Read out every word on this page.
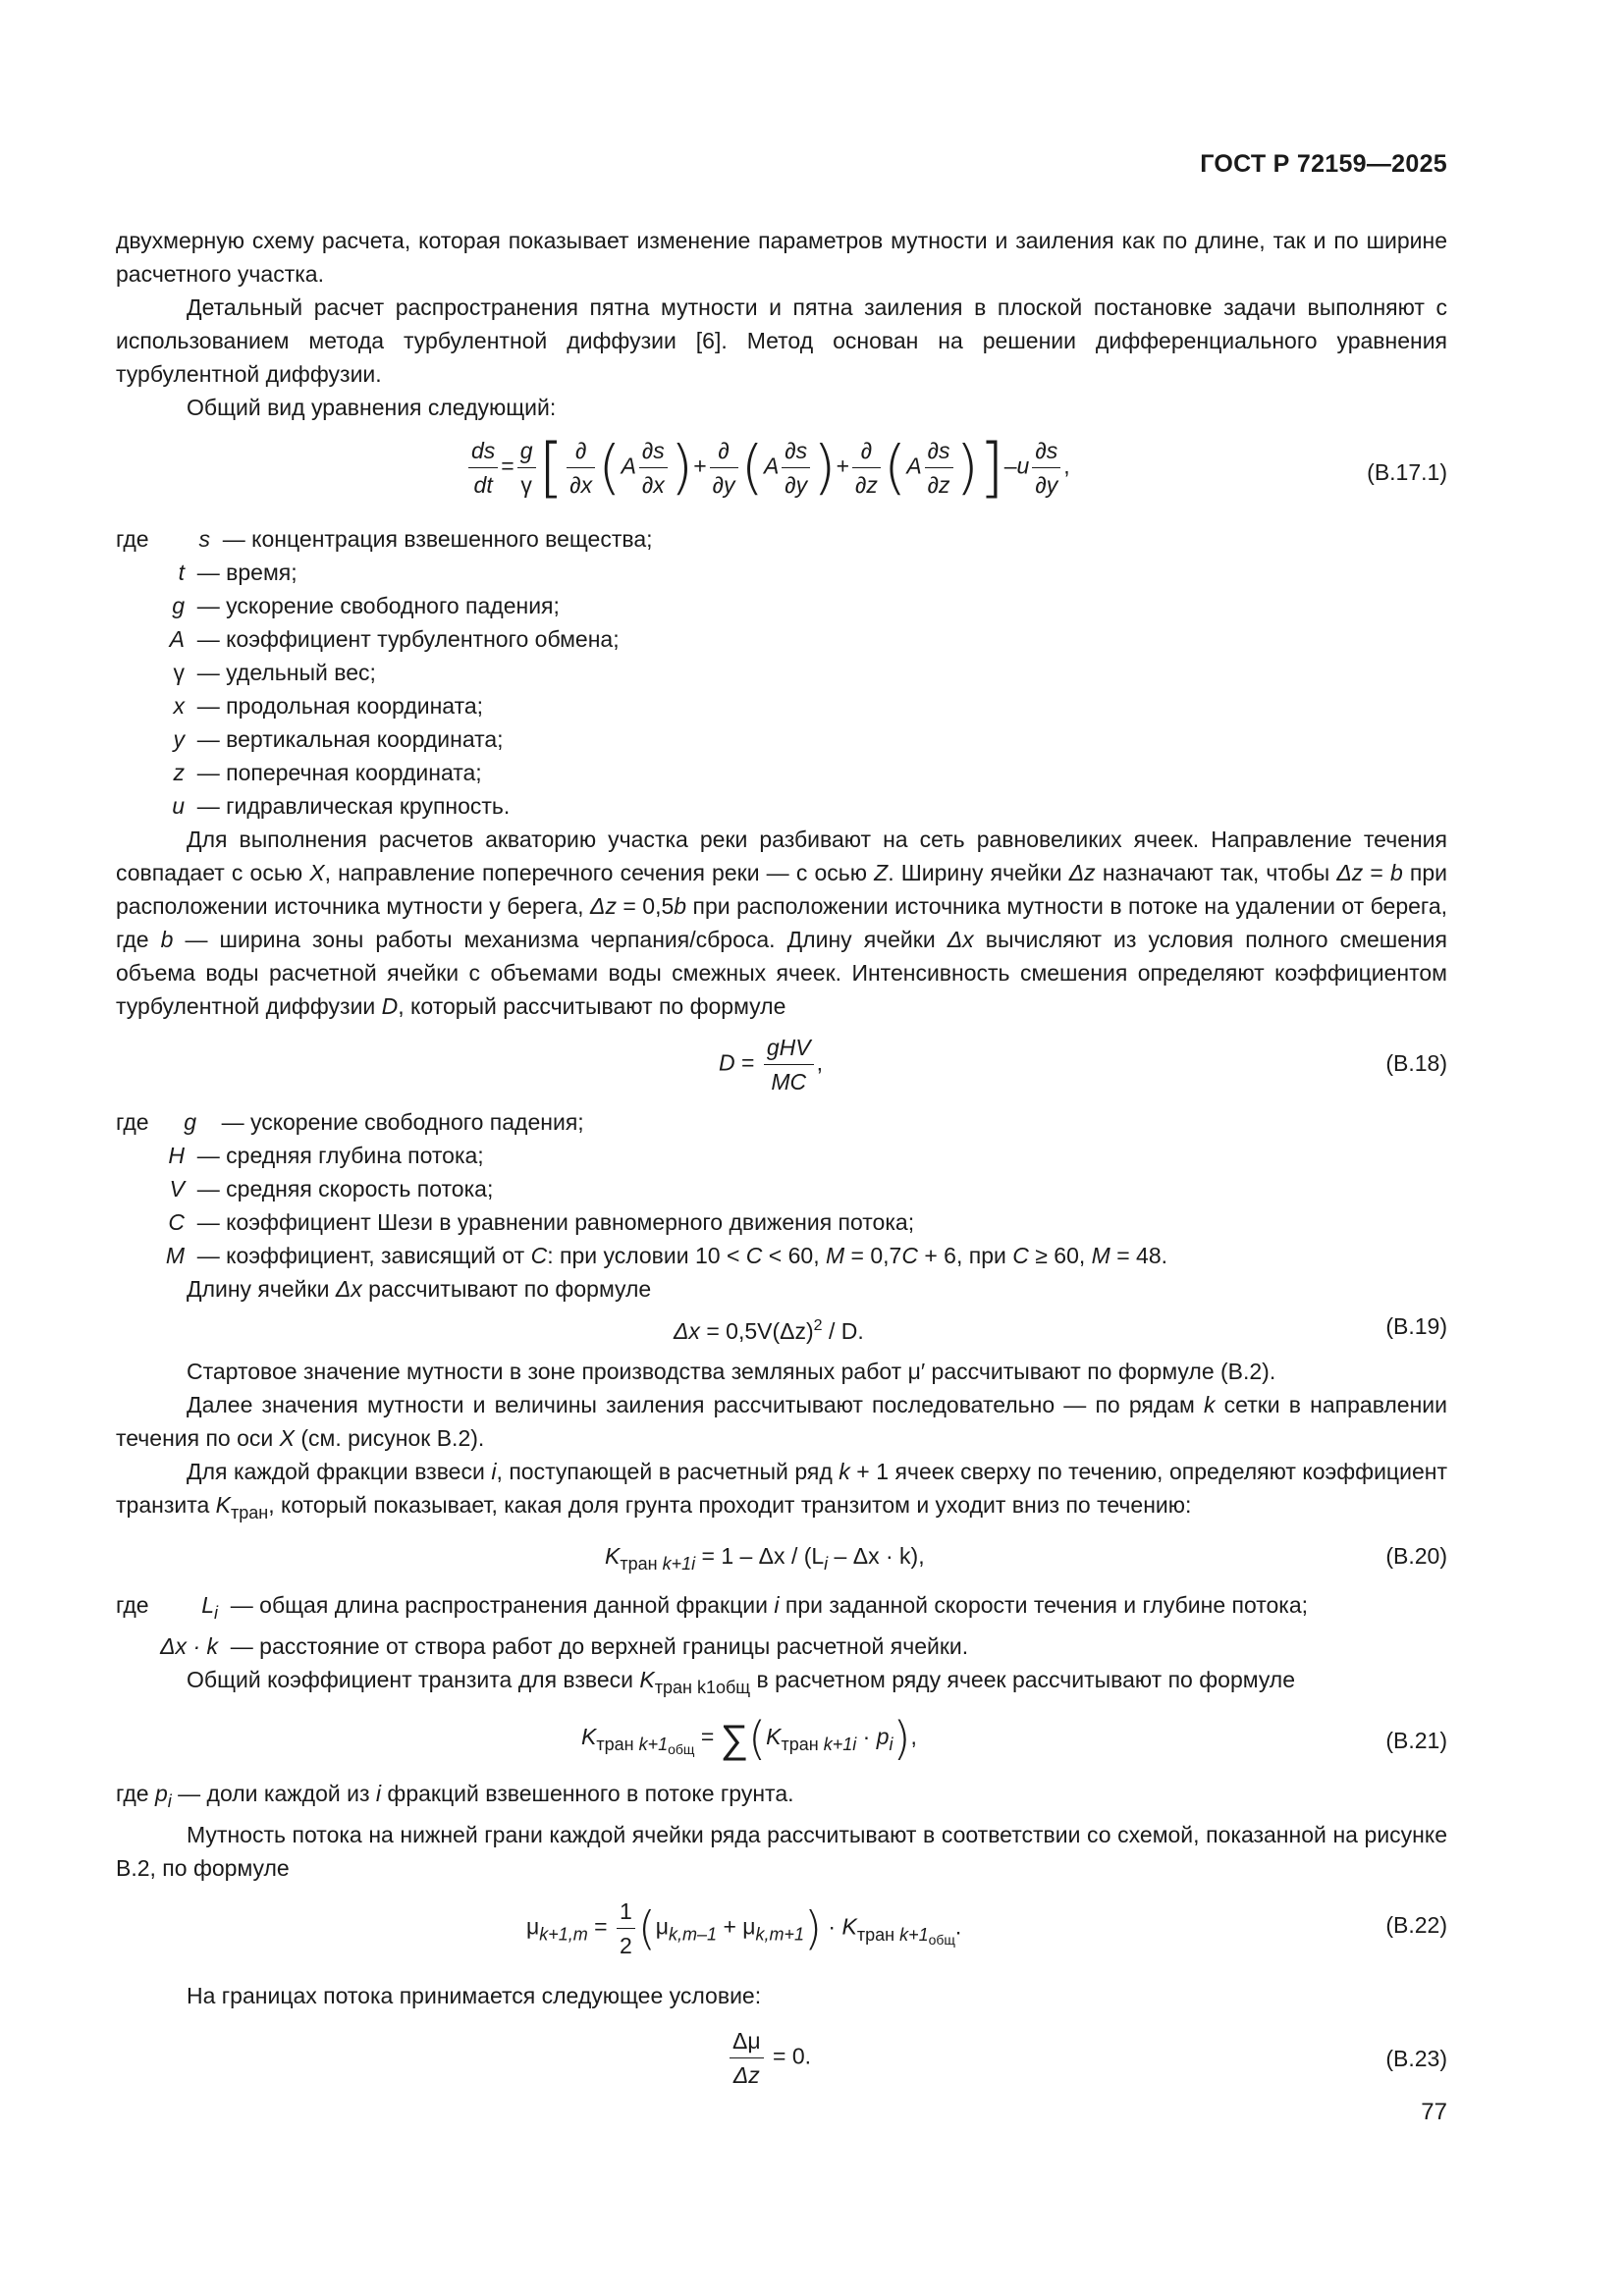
ГОСТ Р 72159—2025

двухмерную схему расчета, которая показывает изменение параметров мутности и заиления как по длине, так и по ширине расчетного участка.

Детальный расчет распространения пятна мутности и пятна заиления в плоской постановке задачи выполняют с использованием метода турбулентной диффузии [6]. Метод основан на решении дифференциального уравнения турбулентной диффузии.

Общий вид уравнения следующий:

$\frac{ds}{dt} = \frac{g}{\gamma}$ [ $\frac{\partial}{\partial x} (A \frac{\partial s}{\partial x}$ )+ $\frac{\partial}{\partial y} (A \frac{\partial s}{\partial y}$ )+ $\frac{\partial}{\partial z} (A \frac{\partial s}{\partial z} )]-u \frac{\partial s}{\partial y}$ ,	(В.17.1)
где s — концентрация взвешенного вещества;
t — время;
g — ускорение свободного падения;
A — коэффициент турбулентного обмена;
γ — удельный вес;
x — продольная координата;
y — вертикальная координата;
z — поперечная координата;
u — гидравлическая крупность.

Для выполнения расчетов акваторию участка реки разбивают на сеть равновеликих ячеек. Направление течения совпадает с осью X, направление поперечного сечения реки — с осью Z. Ширину ячейки Δz назначают так, чтобы Δz = b при расположении источника мутности у берега, Δz = 0,5b при расположении источника мутности в потоке на удалении от берега, где b — ширина зоны работы механизма черпания/сброса. Длину ячейки Δx вычисляют из условия полного смешения объема воды расчетной ячейки с объемами воды смежных ячеек. Интенсивность смешения определяют коэффициентом турбулентной диффузии D, который рассчитывают по формуле

$D = \frac{\text{gHV}}{MC}$ ,	(В.18)
где g — ускорение свободного падения;
H — средняя глубина потока;
V — средняя скорость потока;
C — коэффициент Шези в уравнении равномерного движения потока;
M — коэффициент, зависящий от C: при условии 10 < C < 60, M = 0,7C + 6, при C ≥ 60, M = 48.

Длину ячейки Δx рассчитывают по формуле

$\Delta x = 0,5V(\Delta z)^2 / D$.	(В.19)

Стартовое значение мутности в зоне производства земляных работ μ′ рассчитывают по формуле (В.2).

Далее значения мутности и величины заиления рассчитывают последовательно — по рядам k сетки в направлении течения по оси X (см. рисунок В.2).

Для каждой фракции взвеси i, поступающей в расчетный ряд k + 1 ячеек сверху по течению, определяют коэффициент транзита $K_{тран}$, который показывает, какая доля грунта проходит транзитом и уходит вниз по течению:

$K_{тран k+1i} = 1 - \Delta x / (L_i - \Delta x \cdot k)$,	(В.20)
где $L_i$ — общая длина распространения данной фракции i при заданной скорости течения и глубине потока;
Δx · k — расстояние от створа работ до верхней границы расчетной ячейки.

Общий коэффициент транзита для взвеси $K_{тран k1общ}$ в расчетном ряду ячеек рассчитывают по формуле

$K_{тран k+1_{общ}} = \sum(K_{тран k+1i} \cdot p_i)$,	(В.21)

где $p_i$ — доли каждой из i фракций взвешенного в потоке грунта.

Мутность потока на нижней грани каждой ячейки ряда рассчитывают в соответствии со схемой, показанной на рисунке В.2, по формуле

$\mu_{k+1,m} = \frac{1}{2} (\mu_{k,m-1} + \mu_{k,m+1}) \cdot K_{тран k+1_{общ}}$.	(В.22)

На границах потока принимается следующее условие:

$\frac{\Delta\mu}{\Delta z} = 0$.	(В.23)
77
